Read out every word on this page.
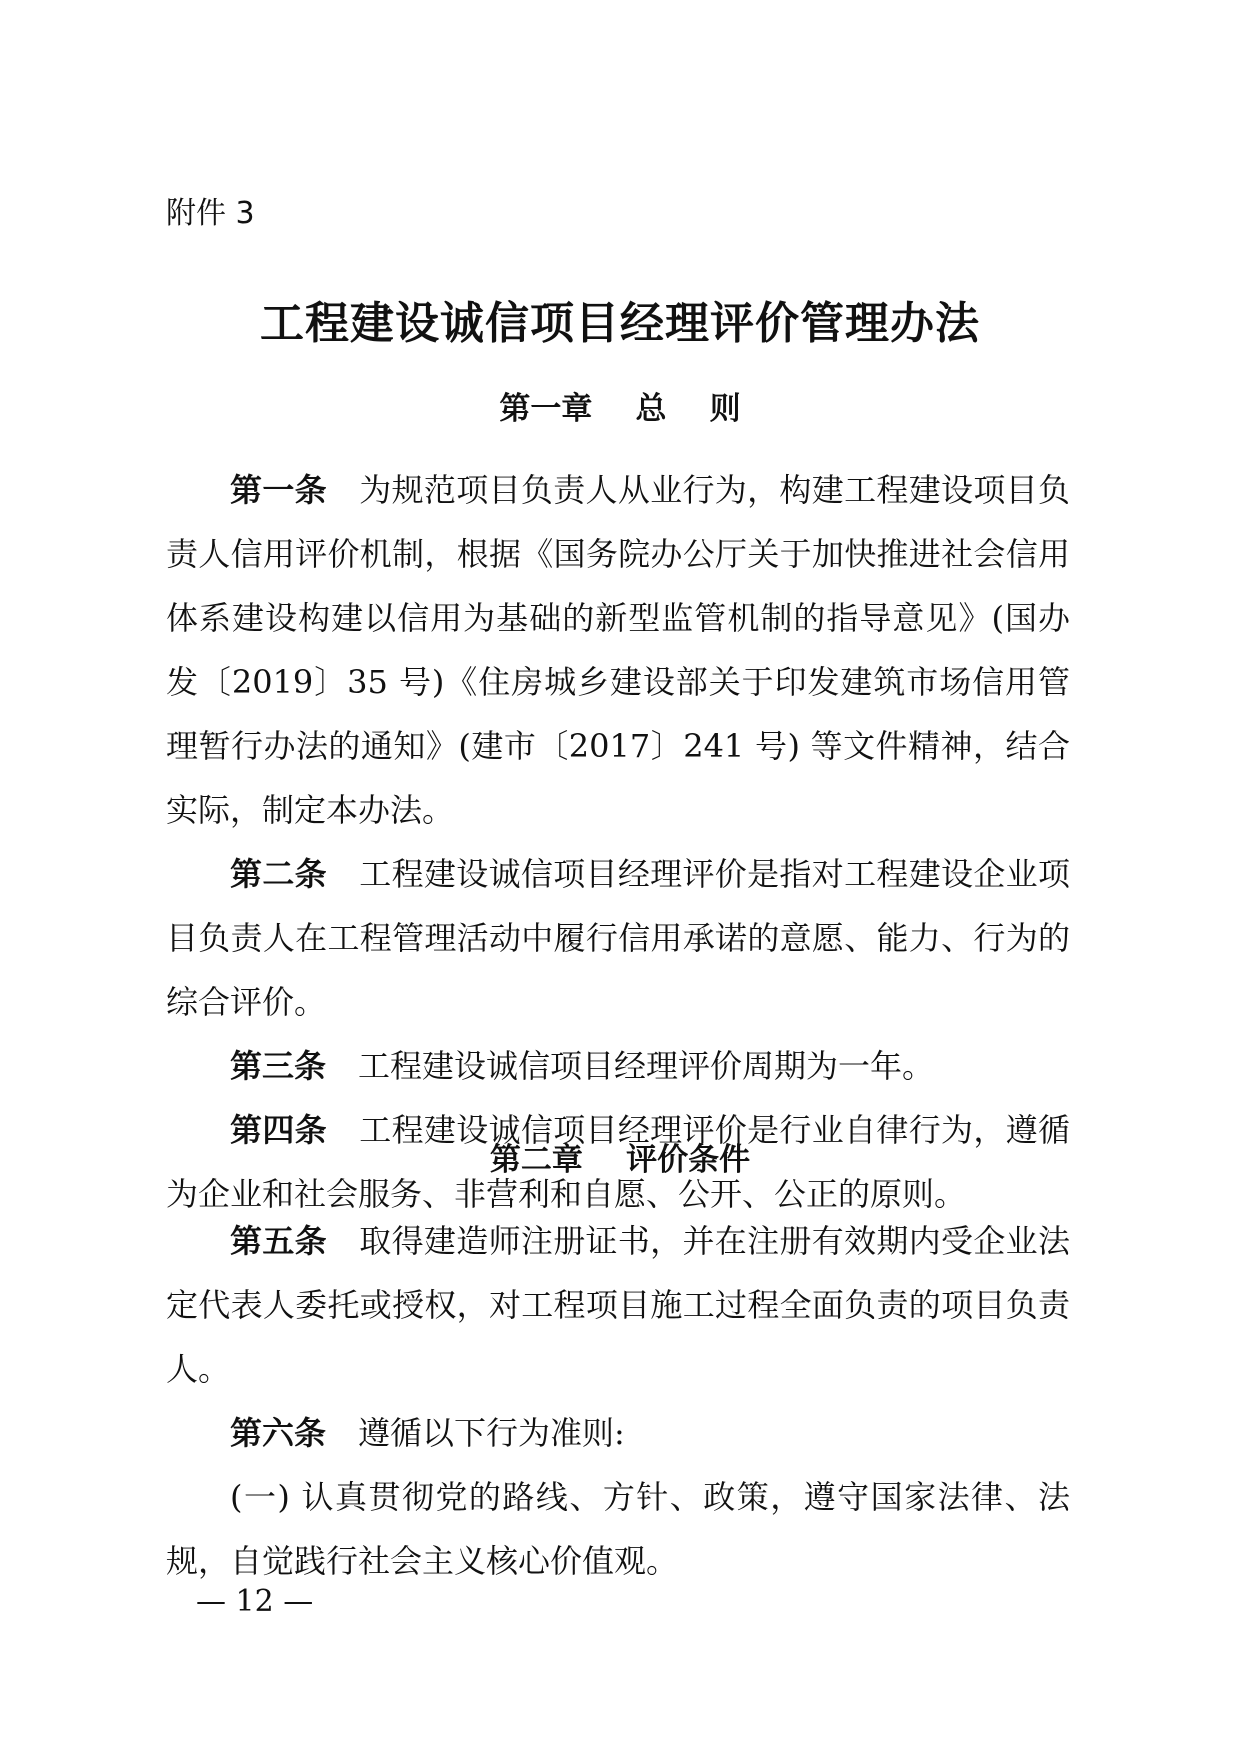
附件 3
工程建设诚信项目经理评价管理办法
第一章    总    则

第一条 为规范项目负责人从业行为，构建工程建设项目负责人信用评价机制，根据《国务院办公厅关于加快推进社会信用体系建设构建以信用为基础的新型监管机制的指导意见》(国办发〔2019〕35 号)《住房城乡建设部关于印发建筑市场信用管理暂行办法的通知》(建市〔2017〕241 号) 等文件精神，结合实际，制定本办法。

第二条 工程建设诚信项目经理评价是指对工程建设企业项目负责人在工程管理活动中履行信用承诺的意愿、能力、行为的综合评价。

第三条 工程建设诚信项目经理评价周期为一年。

第四条 工程建设诚信项目经理评价是行业自律行为，遵循为企业和社会服务、非营利和自愿、公开、公正的原则。

第二章    评价条件

第五条 取得建造师注册证书，并在注册有效期内受企业法定代表人委托或授权，对工程项目施工过程全面负责的项目负责人。

第六条 遵循以下行为准则:

(一) 认真贯彻党的路线、方针、政策，遵守国家法律、法规，自觉践行社会主义核心价值观。

— 12 —
